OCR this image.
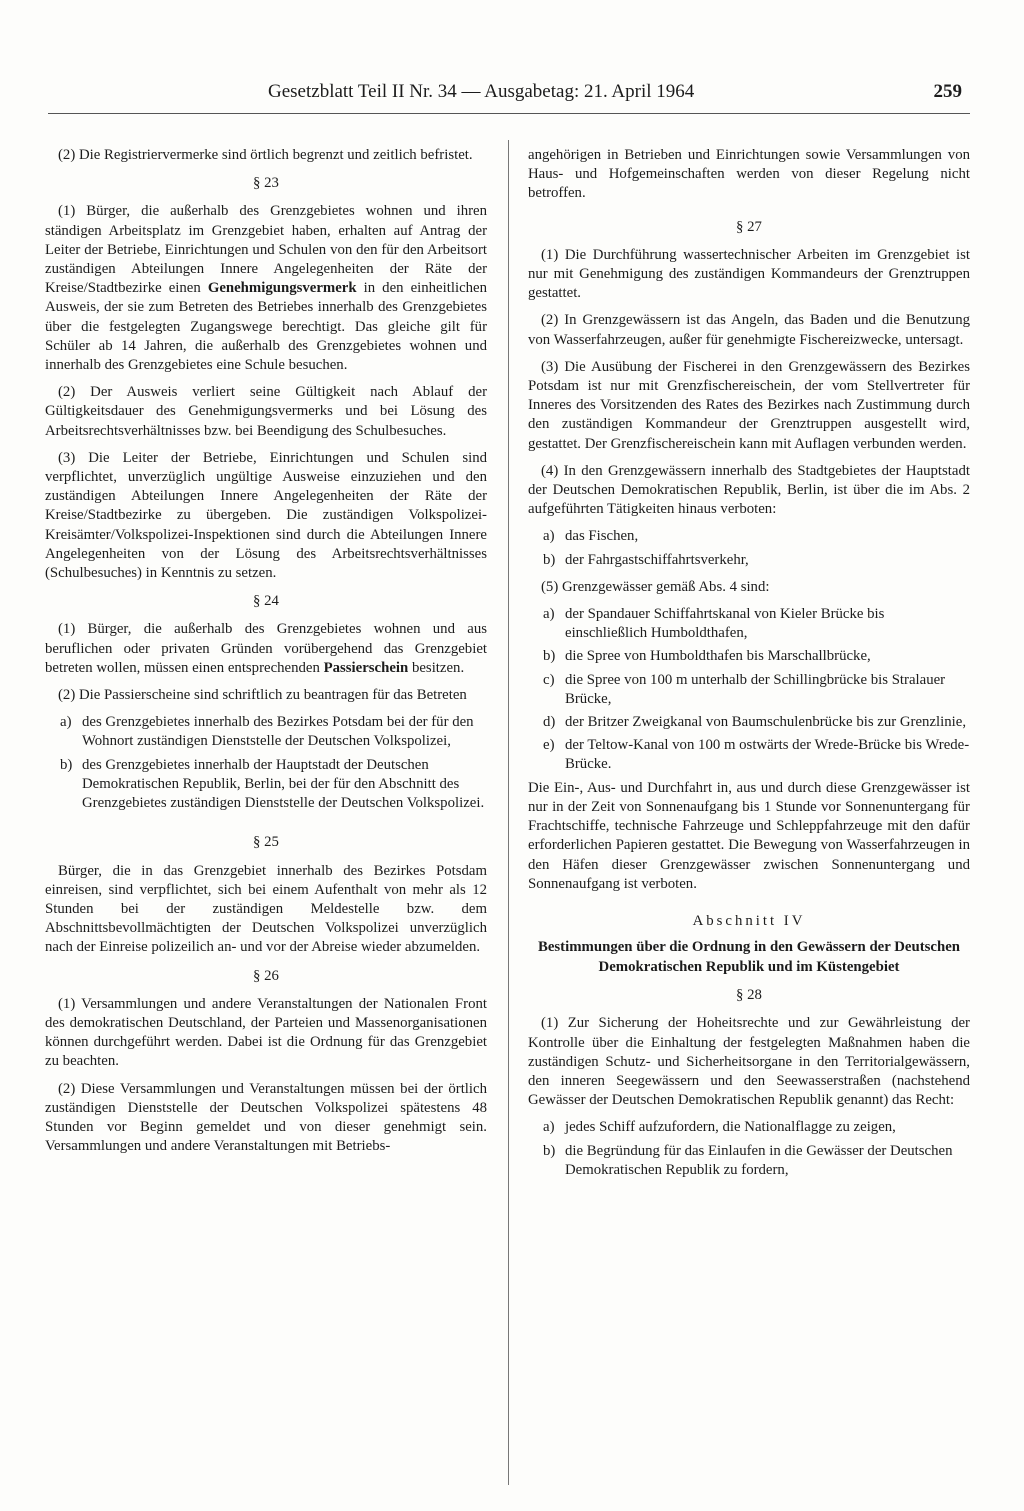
Gesetzblatt Teil II Nr. 34 — Ausgabetag: 21. April 1964	259

(2) Die Registriervermerke sind örtlich begrenzt und zeitlich befristet.

§ 23

(1) Bürger, die außerhalb des Grenzgebietes wohnen und ihren ständigen Arbeitsplatz im Grenzgebiet haben, erhalten auf Antrag der Leiter der Betriebe, Einrichtungen und Schulen von den für den Arbeitsort zuständigen Abteilungen Innere Angelegenheiten der Räte der Kreise/Stadtbezirke einen Genehmigungsvermerk in den einheitlichen Ausweis, der sie zum Betreten des Betriebes innerhalb des Grenzgebietes über die festgelegten Zugangswege berechtigt. Das gleiche gilt für Schüler ab 14 Jahren, die außerhalb des Grenzgebietes wohnen und innerhalb des Grenzgebietes eine Schule besuchen.

(2) Der Ausweis verliert seine Gültigkeit nach Ablauf der Gültigkeitsdauer des Genehmigungsvermerks und bei Lösung des Arbeitsrechtsverhältnisses bzw. bei Beendigung des Schulbesuches.

(3) Die Leiter der Betriebe, Einrichtungen und Schulen sind verpflichtet, unverzüglich ungültige Ausweise einzuziehen und den zuständigen Abteilungen Innere Angelegenheiten der Räte der Kreise/Stadtbezirke zu übergeben. Die zuständigen Volkspolizei-Kreisämter/Volkspolizei-Inspektionen sind durch die Abteilungen Innere Angelegenheiten von der Lösung des Arbeitsrechtsverhältnisses (Schulbesuches) in Kenntnis zu setzen.

§ 24

(1) Bürger, die außerhalb des Grenzgebietes wohnen und aus beruflichen oder privaten Gründen vorübergehend das Grenzgebiet betreten wollen, müssen einen entsprechenden Passierschein besitzen.

(2) Die Passierscheine sind schriftlich zu beantragen für das Betreten

a) des Grenzgebietes innerhalb des Bezirkes Potsdam bei der für den Wohnort zuständigen Dienststelle der Deutschen Volkspolizei,
b) des Grenzgebietes innerhalb der Hauptstadt der Deutschen Demokratischen Republik, Berlin, bei der für den Abschnitt des Grenzgebietes zuständigen Dienststelle der Deutschen Volkspolizei.

§ 25

Bürger, die in das Grenzgebiet innerhalb des Bezirkes Potsdam einreisen, sind verpflichtet, sich bei einem Aufenthalt von mehr als 12 Stunden bei der zuständigen Meldestelle bzw. dem Abschnittsbevollmächtigten der Deutschen Volkspolizei unverzüglich nach der Einreise polizeilich an- und vor der Abreise wieder abzumelden.

§ 26

(1) Versammlungen und andere Veranstaltungen der Nationalen Front des demokratischen Deutschland, der Parteien und Massenorganisationen können durchgeführt werden. Dabei ist die Ordnung für das Grenzgebiet zu beachten.

(2) Diese Versammlungen und Veranstaltungen müssen bei der örtlich zuständigen Dienststelle der Deutschen Volkspolizei spätestens 48 Stunden vor Beginn gemeldet und von dieser genehmigt sein. Versammlungen und andere Veranstaltungen mit Betriebs-

angehörigen in Betrieben und Einrichtungen sowie Versammlungen von Haus- und Hofgemeinschaften werden von dieser Regelung nicht betroffen.

§ 27

(1) Die Durchführung wassertechnischer Arbeiten im Grenzgebiet ist nur mit Genehmigung des zuständigen Kommandeurs der Grenztruppen gestattet.

(2) In Grenzgewässern ist das Angeln, das Baden und die Benutzung von Wasserfahrzeugen, außer für genehmigte Fischereizwecke, untersagt.

(3) Die Ausübung der Fischerei in den Grenzgewässern des Bezirkes Potsdam ist nur mit Grenzfischereischein, der vom Stellvertreter für Inneres des Vorsitzenden des Rates des Bezirkes nach Zustimmung durch den zuständigen Kommandeur der Grenztruppen ausgestellt wird, gestattet. Der Grenzfischereischein kann mit Auflagen verbunden werden.

(4) In den Grenzgewässern innerhalb des Stadtgebietes der Hauptstadt der Deutschen Demokratischen Republik, Berlin, ist über die im Abs. 2 aufgeführten Tätigkeiten hinaus verboten:

a) das Fischen,
b) der Fahrgastschiffahrtsverkehr,

(5) Grenzgewässer gemäß Abs. 4 sind:

a) der Spandauer Schiffahrtskanal von Kieler Brücke bis einschließlich Humboldthafen,
b) die Spree von Humboldthafen bis Marschallbrücke,
c) die Spree von 100 m unterhalb der Schillingbrücke bis Stralauer Brücke,
d) der Britzer Zweigkanal von Baumschulenbrücke bis zur Grenzlinie,
e) der Teltow-Kanal von 100 m ostwärts der Wrede-Brücke bis Wrede-Brücke.

Die Ein-, Aus- und Durchfahrt in, aus und durch diese Grenzgewässer ist nur in der Zeit von Sonnenaufgang bis 1 Stunde vor Sonnenuntergang für Frachtschiffe, technische Fahrzeuge und Schleppfahrzeuge mit den dafür erforderlichen Papieren gestattet. Die Bewegung von Wasserfahrzeugen in den Häfen dieser Grenzgewässer zwischen Sonnenuntergang und Sonnenaufgang ist verboten.

Abschnitt IV

Bestimmungen über die Ordnung in den Gewässern der Deutschen Demokratischen Republik und im Küstengebiet

§ 28

(1) Zur Sicherung der Hoheitsrechte und zur Gewährleistung der Kontrolle über die Einhaltung der festgelegten Maßnahmen haben die zuständigen Schutz- und Sicherheitsorgane in den Territorialgewässern, den inneren Seegewässern und den Seewasserstraßen (nachstehend Gewässer der Deutschen Demokratischen Republik genannt) das Recht:

a) jedes Schiff aufzufordern, die Nationalflagge zu zeigen,
b) die Begründung für das Einlaufen in die Gewässer der Deutschen Demokratischen Republik zu fordern,
